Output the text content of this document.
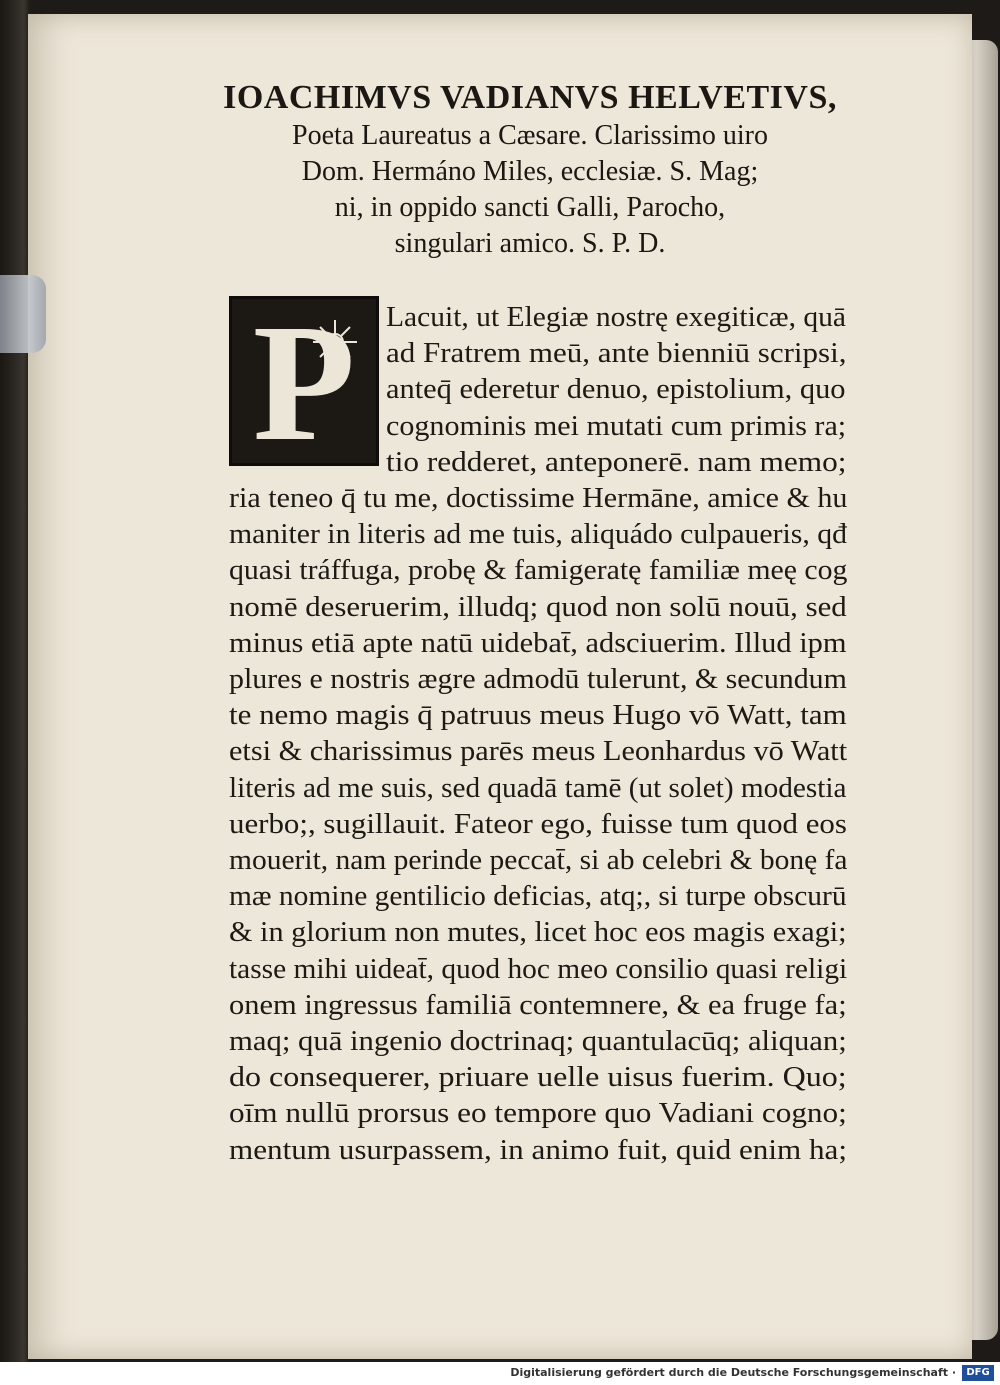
IOACHIMVS VADIANVS HELVETIVS,
Poeta Laureatus a Cæsare. Clarissimo uiro
Dom. Hermáno Miles, ecclesiæ. S. Mag;
ni, in oppido sancti Galli, Parocho,
singulari amico. S. P. D.
P	Lacuit, ut Elegiæ nostrę exegiticæ, quā
ad Fratrem meū, ante bienniū scripsi,
anteq̄ ederetur denuo, epistolium, quo
cognominis mei mutati cum primis ra;
tio redderet, anteponerē. nam memo;
ria teneo q̄ tu me, doctissime Hermāne, amice & hu
maniter in literis ad me tuis, aliquádo culpaueris, qđ
quasi tráffuga, probę & famigeratę familiæ meę cog
nomē deseruerim, illudq; quod non solū nouū, sed
minus etiā apte natū uidebat̄, adsciuerim. Illud ipm
plures e nostris ægre admodū tulerunt, & secundum
te nemo magis q̄ patruus meus Hugo vō Watt, tam
etsi & charissimus parēs meus Leonhardus vō Watt
literis ad me suis, sed quadā tamē (ut solet) modestia
uerbo;, sugillauit. Fateor ego, fuisse tum quod eos
mouerit, nam perinde peccat̄, si ab celebri & bonę fa
mæ nomine gentilicio deficias, atq;, si turpe obscurū
& in glorium non mutes, licet hoc eos magis exagi;
tasse mihi uideat̄, quod hoc meo consilio quasi religi
onem ingressus familiā contemnere, & ea fruge fa;
maq; quā ingenio doctrinaq; quantulacūq; aliquan;
do consequerer, priuare uelle uisus fuerim. Quo;
oīm nullū prorsus eo tempore quo Vadiani cogno;
mentum usurpassem, in animo fuit, quid enim ha;
Digitalisierung gefördert durch die Deutsche Forschungsgemeinschaft ·	DFG
